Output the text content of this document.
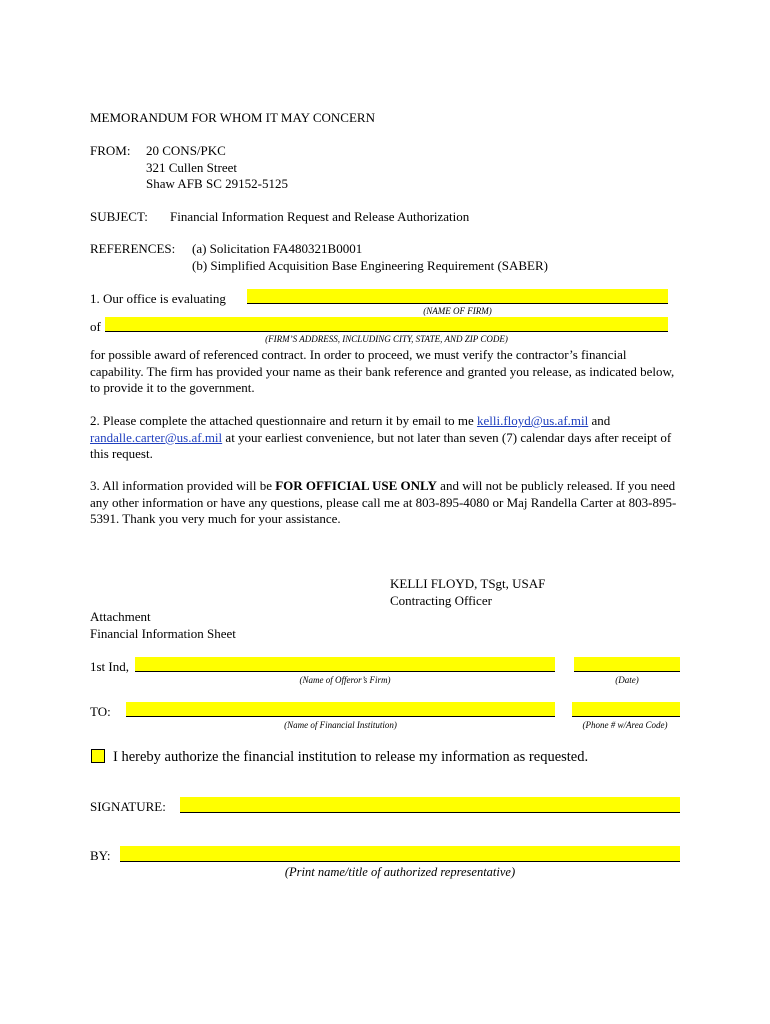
MEMORANDUM FOR WHOM IT MAY CONCERN
FROM: 20 CONS/PKC
321 Cullen Street
Shaw AFB SC 29152-5125
SUBJECT: Financial Information Request and Release Authorization
REFERENCES: (a) Solicitation FA480321B0001
(b) Simplified Acquisition Base Engineering Requirement (SABER)
1. Our office is evaluating
(NAME OF FIRM)
of
(FIRM’S ADDRESS, INCLUDING CITY, STATE, AND ZIP CODE)
for possible award of referenced contract. In order to proceed, we must verify the contractor’s financial capability. The firm has provided your name as their bank reference and granted you release, as indicated below, to provide it to the government.
2. Please complete the attached questionnaire and return it by email to me kelli.floyd@us.af.mil and randalle.carter@us.af.mil at your earliest convenience, but not later than seven (7) calendar days after receipt of this request.
3. All information provided will be FOR OFFICIAL USE ONLY and will not be publicly released. If you need any other information or have any questions, please call me at 803-895-4080 or Maj Randella Carter at 803-895-5391. Thank you very much for your assistance.
KELLI FLOYD, TSgt, USAF
Contracting Officer
Attachment
Financial Information Sheet
1st Ind,
(Name of Offeror’s Firm)	(Date)
TO:
(Name of Financial Institution)	(Phone # w/Area Code)
I hereby authorize the financial institution to release my information as requested.
SIGNATURE:
BY:
(Print name/title of authorized representative)
